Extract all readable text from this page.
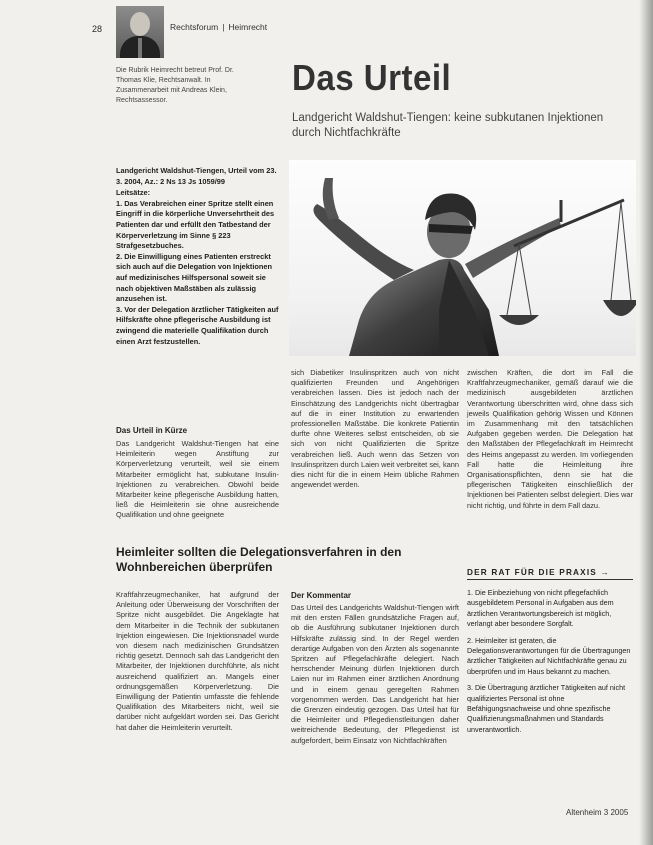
28	Rechtsforum | Heimrecht
Die Rubrik Heimrecht betreut Prof. Dr. Thomas Klie, Rechtsanwalt. In Zusammenarbeit mit Andreas Klein, Rechtsassessor.
Das Urteil
Landgericht Waldshut-Tiengen: keine subkutanen Injektionen durch Nichtfachkräfte
Landgericht Waldshut-Tiengen, Urteil vom 23. 3. 2004, Az.: 2 Ns 13 Js 1059/99
Leitsätze:
1. Das Verabreichen einer Spritze stellt einen Eingriff in die körperliche Unversehrtheit des Patienten dar und erfüllt den Tatbestand der Körperverletzung im Sinne § 223 Strafgesetzbuches.
2. Die Einwilligung eines Patienten erstreckt sich auch auf die Delegation von Injektionen auf medizinisches Hilfspersonal soweit sie nach objektiven Maßstäben als zulässig anzusehen ist.
3. Vor der Delegation ärztlicher Tätigkeiten auf Hilfskräfte ohne pflegerische Ausbildung ist zwingend die materielle Qualifikation durch einen Arzt festzustellen.
sich Diabetiker Insulinspritzen auch von nicht qualifizierten Freunden und Angehörigen verabreichen lassen. Dies ist jedoch nach der Einschätzung des Landgerichts nicht übertragbar auf die in einer Institution zu erwartenden professionellen Maßstäbe. Die konkrete Patientin durfte ohne Weiteres selbst entscheiden, ob sie sich von nicht Qualifizierten die Spritze verabreichen ließ. Auch wenn das Setzen von Insulinspritzen durch Laien weit verbreitet sei, kann dies nicht für die in einem Heim übliche Rahmen angewendet werden.
zwischen Kräften, die dort im Fall die Kraftfahrzeugmechaniker, gemäß darauf wie die medizinisch ausgebildeten ärztlichen Verantwortung überschritten wird, ohne dass sich jeweils Qualifikation gehörig Wissen und Können im Zusammenhang mit den tatsächlichen Aufgaben gegeben werden. Die Delegation hat den Maßstäben der Pflegefachkraft im Heimrecht des Heims angepasst zu werden. Im vorliegenden Fall hatte die Heimleitung ihre Organisationspflichten, denn sie hat die pflegerischen Tätigkeiten einschließlich der Injektionen bei Patienten selbst delegiert. Dies war nicht richtig, und führte in dem Fall dazu.
Das Urteil in Kürze
Das Landgericht Waldshut-Tiengen hat eine Heimleiterin wegen Anstiftung zur Körperverletzung verurteilt, weil sie einem Mitarbeiter ermöglicht hat, subkutane Insulin-Injektionen zu verabreichen. Obwohl beide Mitarbeiter keine pflegerische Ausbildung hatten, ließ die Heimleiterin sie ohne ausreichende Qualifikation und ohne geeignete
Heimleiter sollten die Delegationsverfahren in den Wohnbereichen überprüfen
Kraftfahrzeugmechaniker, hat aufgrund der Anleitung oder Überweisung der Vorschriften der Spritze nicht ausgebildet. Die Angeklagte hat dem Mitarbeiter in die Technik der subkutanen Injektion eingewiesen. Die Injektionsnadel wurde von diesem nach medizinischen Grundsätzen richtig gesetzt. Dennoch sah das Landgericht den Mitarbeiter, der Injektionen durchführte, als nicht ausreichend qualifiziert an. Mangels einer ordnungsgemäßen Körperverletzung. Die Einwilligung der Patientin umfasste die fehlende Qualifikation des Mitarbeiters nicht, weil sie darüber nicht aufgeklärt worden sei. Das Gericht hat daher die Heimleiterin verurteilt.
Der Kommentar
Das Urteil des Landgerichts Waldshut-Tiengen wirft mit den ersten Fällen grundsätzliche Fragen auf, ob die Ausführung subkutaner Injektionen durch Hilfskräfte zulässig sind. In der Regel werden derartige Aufgaben von den Ärzten als sogenannte Spritzen auf Pflegefachkräfte delegiert. Nach herrschender Meinung dürfen Injektionen durch Laien nur im Rahmen einer ärztlichen Anordnung und in einem genau geregelten Rahmen vorgenommen werden. Das Landgericht hat hier die Grenzen eindeutig gezogen. Das Urteil hat für die Heimleiter und Pflegedienstleitungen daher weitreichende Bedeutung, der Pflegedienst ist aufgefordert, beim Einsatz von Nichtfachkräften
DER RAT FÜR DIE PRAXIS →
1. Die Einbeziehung von nicht pflegefachlich ausgebildetem Personal in Aufgaben aus dem ärztlichen Verantwortungsbereich ist möglich, verlangt aber besondere Sorgfalt.
2. Heimleiter ist geraten, die Delegationsverantwortungen für die Übertragungen ärztlicher Tätigkeiten auf Nichtfachkräfte genau zu überprüfen und im Haus bekannt zu machen.
3. Die Übertragung ärztlicher Tätigkeiten auf nicht qualifiziertes Personal ist ohne Befähigungsnachweise und ohne spezifische Qualifizierungsmaßnahmen und Standards unverantwortlich.
Altenheim 3 2005
